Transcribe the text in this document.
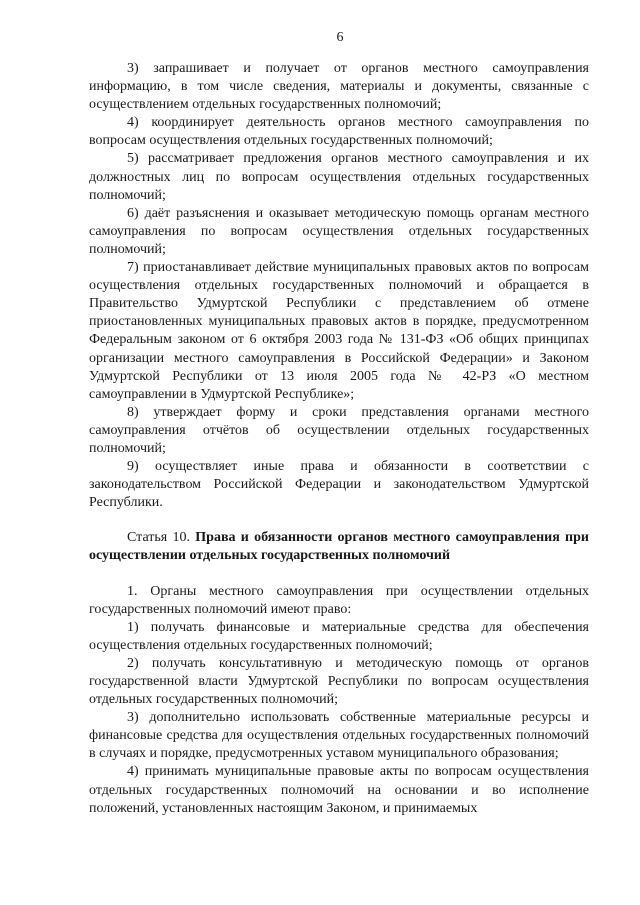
6

3) запрашивает и получает от органов местного самоуправления информацию, в том числе сведения, материалы и документы, связанные с осуществлением отдельных государственных полномочий;

4) координирует деятельность органов местного самоуправления по вопросам осуществления отдельных государственных полномочий;

5) рассматривает предложения органов местного самоуправления и их должностных лиц по вопросам осуществления отдельных государственных полномочий;

6) даёт разъяснения и оказывает методическую помощь органам местного самоуправления по вопросам осуществления отдельных государственных полномочий;

7) приостанавливает действие муниципальных правовых актов по вопросам осуществления отдельных государственных полномочий и обращается в Правительство Удмуртской Республики с представлением об отмене приостановленных муниципальных правовых актов в порядке, предусмотренном Федеральным законом от 6 октября 2003 года № 131-ФЗ «Об общих принципах организации местного самоуправления в Российской Федерации» и Законом Удмуртской Республики от 13 июля 2005 года № 42-РЗ «О местном самоуправлении в Удмуртской Республике»;

8) утверждает форму и сроки представления органами местного самоуправления отчётов об осуществлении отдельных государственных полномочий;

9) осуществляет иные права и обязанности в соответствии с законодательством Российской Федерации и законодательством Удмуртской Республики.

Статья 10. Права и обязанности органов местного самоуправления при осуществлении отдельных государственных полномочий

1. Органы местного самоуправления при осуществлении отдельных государственных полномочий имеют право:

1) получать финансовые и материальные средства для обеспечения осуществления отдельных государственных полномочий;

2) получать консультативную и методическую помощь от органов государственной власти Удмуртской Республики по вопросам осуществления отдельных государственных полномочий;

3) дополнительно использовать собственные материальные ресурсы и финансовые средства для осуществления отдельных государственных полномочий в случаях и порядке, предусмотренных уставом муниципального образования;

4) принимать муниципальные правовые акты по вопросам осуществления отдельных государственных полномочий на основании и во исполнение положений, установленных настоящим Законом, и принимаемых
